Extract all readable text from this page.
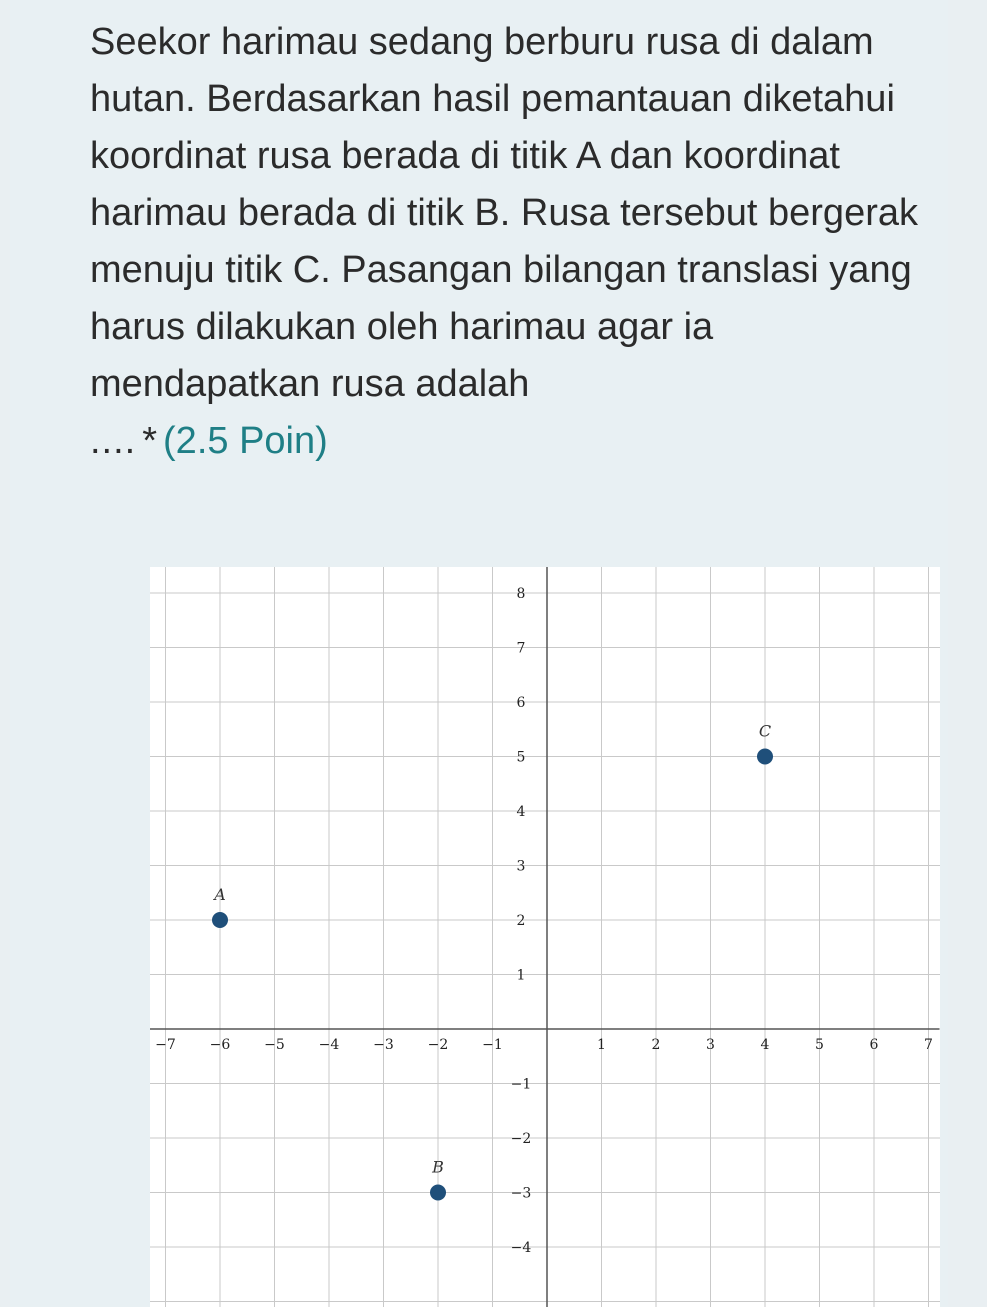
Seekor harimau sedang berburu rusa di dalam hutan. Berdasarkan hasil pemantauan diketahui koordinat rusa berada di titik A dan koordinat harimau berada di titik B. Rusa tersebut bergerak menuju titik C. Pasangan bilangan translasi yang harus dilakukan oleh harimau agar ia mendapatkan rusa adalah
.... * (2.5 Poin)

−7 −6 −5 −4 −3 −2 −1	1	2	3	4	5	6	7
8
7
6
5
4
3
2
1
−1
−2
−3
−4
A
B
C
